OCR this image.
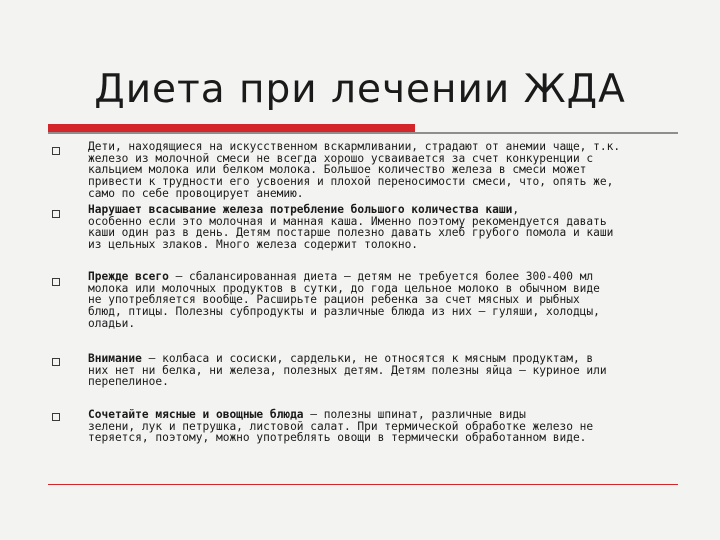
Диета при лечении ЖДА

Дети, находящиеся на искусственном вскармливании, страдают от анемии чаще, т.к.
железо из молочной смеси не всегда хорошо усваивается за счет конкуренции с
кальцием молока или белком молока. Большое количество железа в смеси может
привести к трудности его усвоения и плохой переносимости смеси, что, опять же,
само по себе провоцирует анемию.

Нарушает всасывание железа потребление большого количества каши,
особенно если это молочная и манная каша. Именно поэтому рекомендуется давать
каши один раз в день. Детям постарше полезно давать хлеб грубого помола и каши
из цельных злаков. Много железа содержит толокно.

Прежде всего – сбалансированная диета – детям не требуется более 300-400 мл
молока или молочных продуктов в сутки, до года цельное молоко в обычном виде
не употребляется вообще. Расширьте рацион ребенка за счет мясных и рыбных
блюд, птицы. Полезны субпродукты и различные блюда из них – гуляши, холодцы,
оладьи.

Внимание – колбаса и сосиски, сардельки, не относятся к мясным продуктам, в
них нет ни белка, ни железа, полезных детям. Детям полезны яйца – куриное или
перепелиное.

Сочетайте мясные и овощные блюда – полезны шпинат, различные виды
зелени, лук и петрушка, листовой салат. При термической обработке железо не
теряется, поэтому, можно употреблять овощи в термически обработанном виде.
